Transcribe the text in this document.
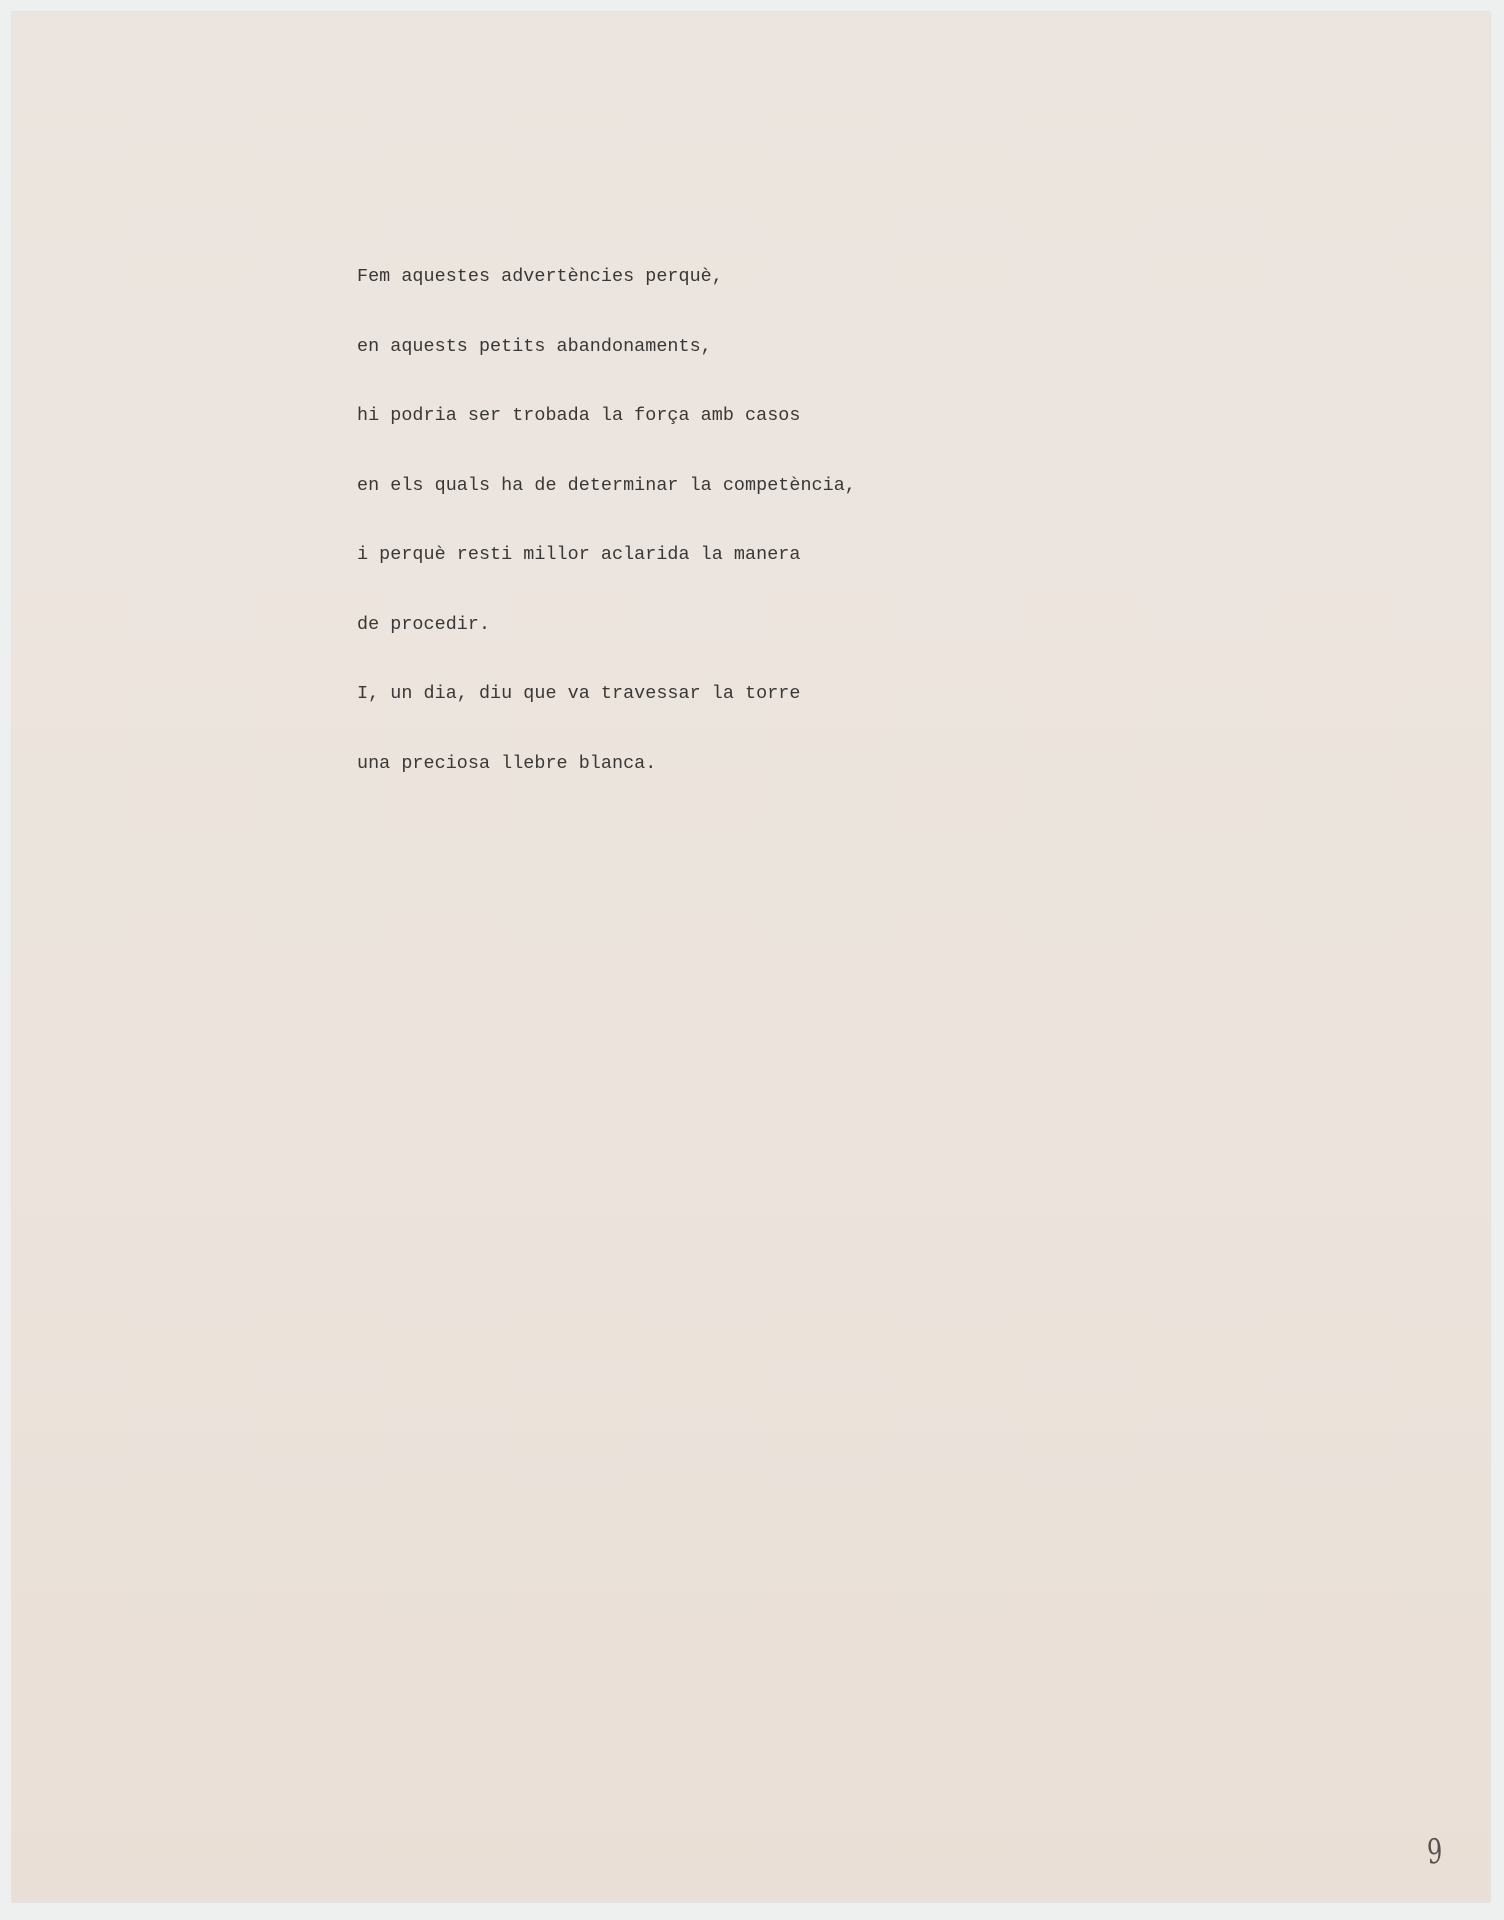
Fem aquestes advertències perquè,
en aquests petits abandonaments,
hi podria ser trobada la força amb casos
en els quals ha de determinar la competència,
i perquè resti millor aclarida la manera
de procedir.
I, un dia, diu que va travessar la torre
una preciosa llebre blanca.
9
